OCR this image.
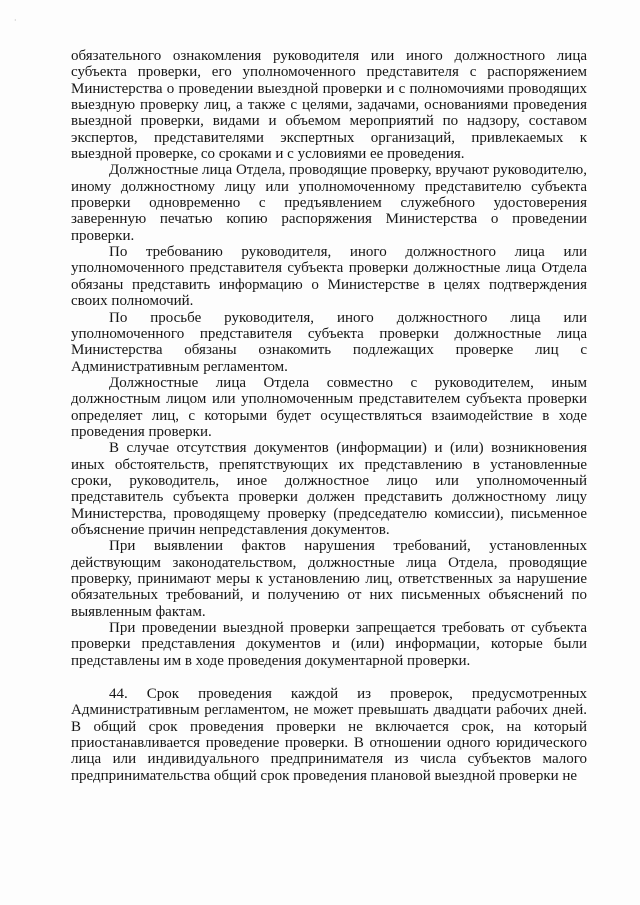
·

обязательного ознакомления руководителя или иного должностного лица субъекта проверки, его уполномоченного представителя с распоряжением Министерства о проведении выездной проверки и с полномочиями проводящих выездную проверку лиц, а также с целями, задачами, основаниями проведения выездной проверки, видами и объемом мероприятий по надзору, составом экспертов, представителями экспертных организаций, привлекаемых к выездной проверке, со сроками и с условиями ее проведения.

Должностные лица Отдела, проводящие проверку, вручают руководителю, иному должностному лицу или уполномоченному представителю субъекта проверки одновременно с предъявлением служебного удостоверения заверенную печатью копию распоряжения Министерства о проведении проверки.

По требованию руководителя, иного должностного лица или уполномоченного представителя субъекта проверки должностные лица Отдела обязаны представить информацию о Министерстве в целях подтверждения своих полномочий.

По просьбе руководителя, иного должностного лица или уполномоченного представителя субъекта проверки должностные лица Министерства обязаны ознакомить подлежащих проверке лиц с Административным регламентом.

Должностные лица Отдела совместно с руководителем, иным должностным лицом или уполномоченным представителем субъекта проверки определяет лиц, с которыми будет осуществляться взаимодействие в ходе проведения проверки.

В случае отсутствия документов (информации) и (или) возникновения иных обстоятельств, препятствующих их представлению в установленные сроки, руководитель, иное должностное лицо или уполномоченный представитель субъекта проверки должен представить должностному лицу Министерства, проводящему проверку (председателю комиссии), письменное объяснение причин непредставления документов.

При выявлении фактов нарушения требований, установленных действующим законодательством, должностные лица Отдела, проводящие проверку, принимают меры к установлению лиц, ответственных за нарушение обязательных требований, и получению от них письменных объяснений по выявленным фактам.

При проведении выездной проверки запрещается требовать от субъекта проверки представления документов и (или) информации, которые были представлены им в ходе проведения документарной проверки.

44. Срок проведения каждой из проверок, предусмотренных Административным регламентом, не может превышать двадцати рабочих дней. В общий срок проведения проверки не включается срок, на который приостанавливается проведение проверки. В отношении одного юридического лица или индивидуального предпринимателя из числа субъектов малого предпринимательства общий срок проведения плановой выездной проверки не
